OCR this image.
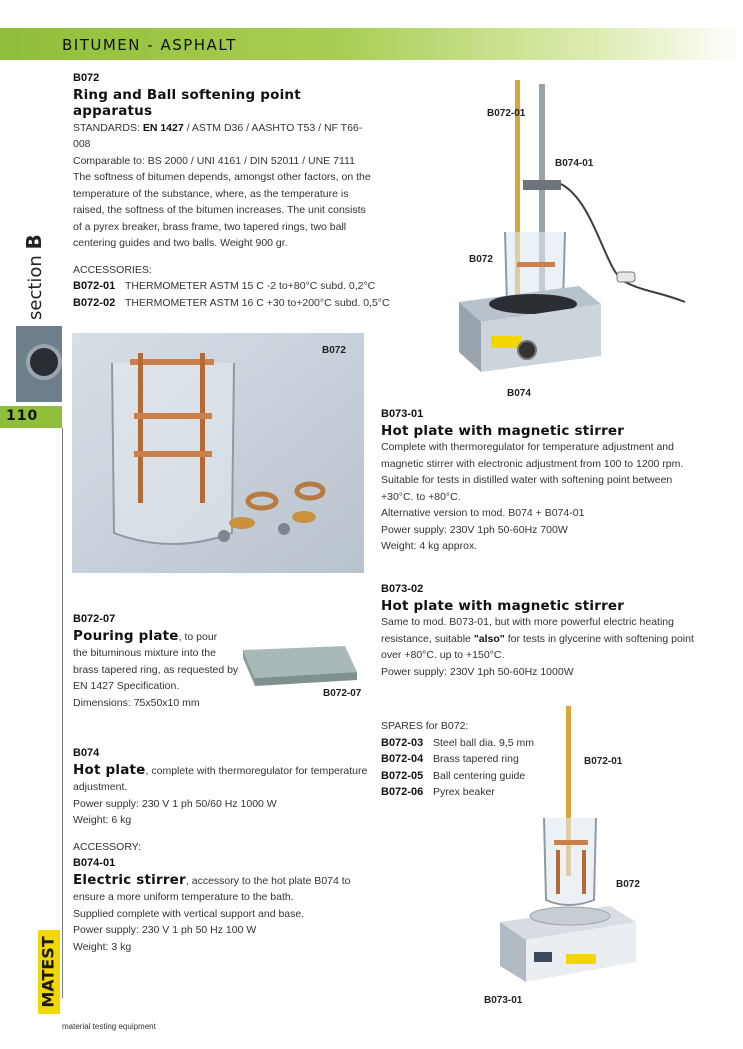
BITUMEN - ASPHALT
section B
110
MATEST
material testing equipment
B072
Ring and Ball softening point apparatus
STANDARDS: EN 1427 / ASTM D36 / AASHTO T53 / NF T66-008
Comparable to: BS 2000 / UNI 4161 / DIN 52011 / UNE 7111
The softness of bitumen depends, amongst other factors, on the temperature of the substance, where, as the temperature is raised, the softness of the bitumen increases. The unit consists of a pyrex breaker, brass frame, two tapered rings, two ball centering guides and two balls. Weight 900 gr.
ACCESSORIES:
B072-01 THERMOMETER ASTM 15 C -2 to+80°C subd. 0,2°C
B072-02 THERMOMETER ASTM 16 C +30 to+200°C subd. 0,5°C
B072
B072-07
Pouring plate, to pour
the bituminous mixture into the brass tapered ring, as requested by EN 1427 Specification.
Dimensions: 75x50x10 mm
B072-07
B074
Hot plate, complete with thermoregulator for temperature adjustment.
Power supply: 230 V 1 ph 50/60 Hz 1000 W
Weight: 6 kg
ACCESSORY:
B074-01
Electric stirrer, accessory to the hot plate B074 to ensure a more uniform temperature to the bath.
Supplied complete with vertical support and base.
Power supply: 230 V 1 ph 50 Hz 100 W
Weight: 3 kg
B072-01
B074-01
B072
B074
B073-01
Hot plate with magnetic stirrer
Complete with thermoregulator for temperature adjustment and magnetic stirrer with electronic adjustment from 100 to 1200 rpm. Suitable for tests in distilled water with softening point between +30°C. to +80°C.
Alternative version to mod. B074 + B074-01
Power supply: 230V 1ph 50-60Hz 700W
Weight: 4 kg approx.
B073-02
Hot plate with magnetic stirrer
Same to mod. B073-01, but with more powerful electric heating resistance, suitable "also" for tests in glycerine with softening point over +80°C. up to +150°C.
Power supply: 230V 1ph 50-60Hz 1000W
SPARES for B072:
B072-03 Steel ball dia. 9,5 mm
B072-04 Brass tapered ring
B072-05 Ball centering guide
B072-06 Pyrex beaker
B072-01
B072
B073-01
